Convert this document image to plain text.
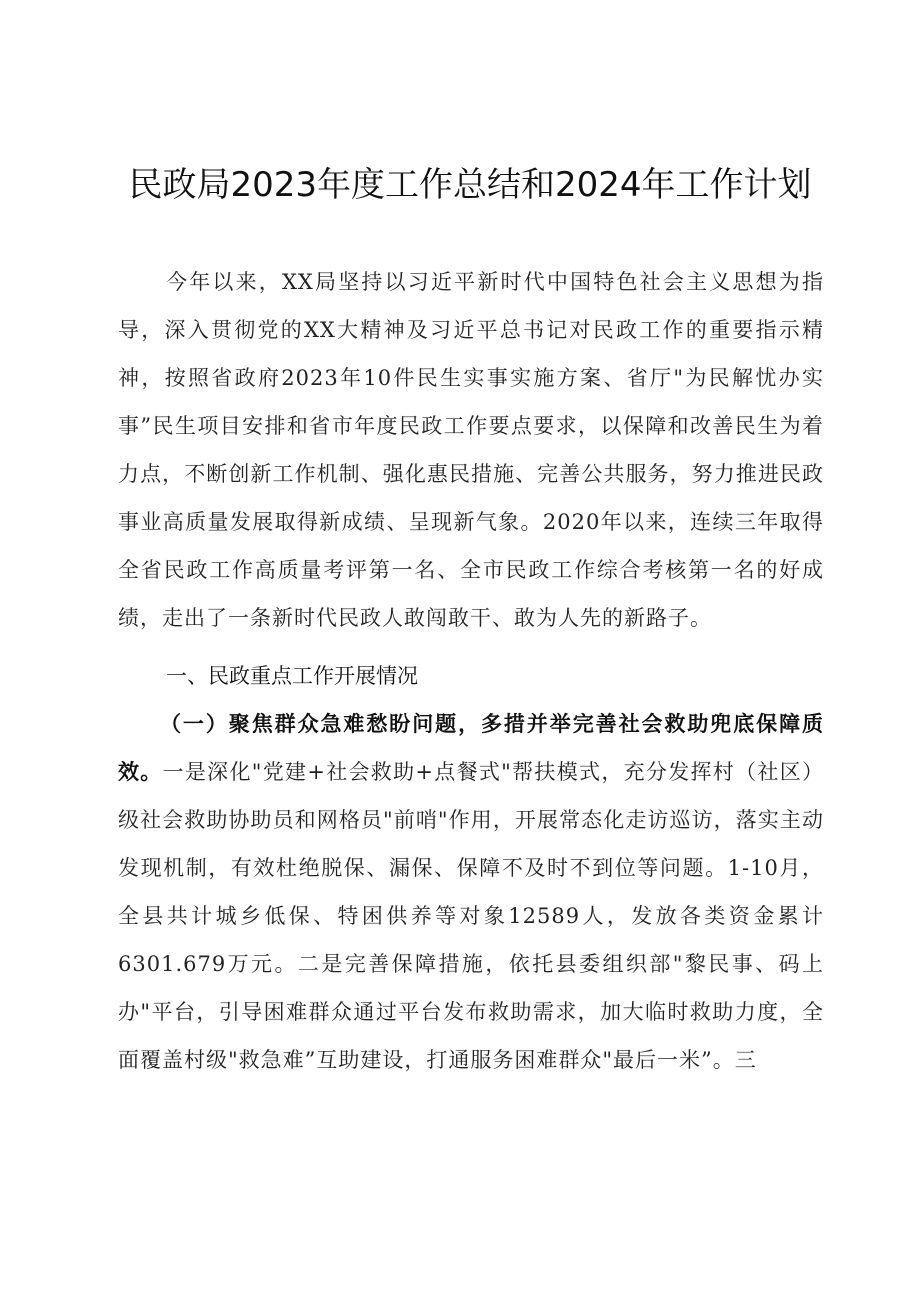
民政局2023年度工作总结和2024年工作计划
今年以来，XX局坚持以习近平新时代中国特色社会主义思想为指导，深入贯彻党的XX大精神及习近平总书记对民政工作的重要指示精神，按照省政府2023年10件民生实事实施方案、省厅"为民解忧办实事”民生项目安排和省市年度民政工作要点要求，以保障和改善民生为着力点，不断创新工作机制、强化惠民措施、完善公共服务，努力推进民政事业高质量发展取得新成绩、呈现新气象。2020年以来，连续三年取得全省民政工作高质量考评第一名、全市民政工作综合考核第一名的好成绩，走出了一条新时代民政人敢闯敢干、敢为人先的新路子。
一、民政重点工作开展情况
（一）聚焦群众急难愁盼问题，多措并举完善社会救助兜底保障质效。一是深化"党建+社会救助+点餐式"帮扶模式，充分发挥村（社区）级社会救助协助员和网格员"前哨"作用，开展常态化走访巡访，落实主动发现机制，有效杜绝脱保、漏保、保障不及时不到位等问题。1-10月，全县共计城乡低保、特困供养等对象12589人，发放各类资金累计6301.679万元。二是完善保障措施，依托县委组织部"黎民事、码上办"平台，引导困难群众通过平台发布救助需求，加大临时救助力度，全面覆盖村级"救急难”互助建设，打通服务困难群众"最后一米”。三
